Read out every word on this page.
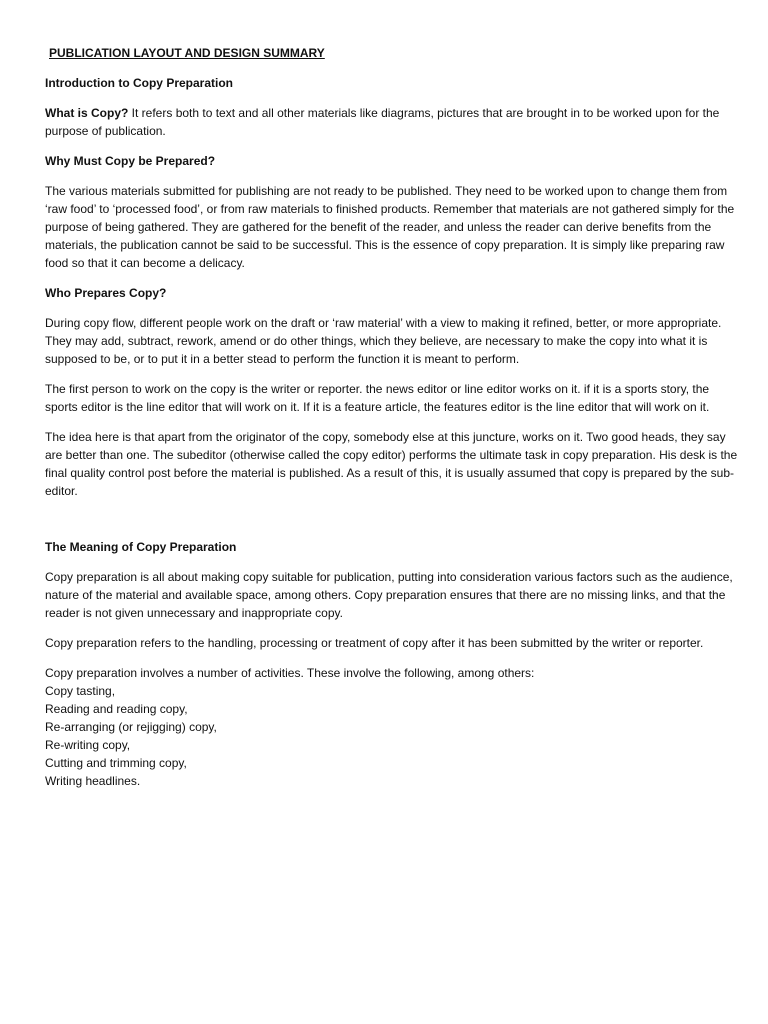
PUBLICATION LAYOUT AND DESIGN SUMMARY

Introduction to Copy Preparation

What is Copy? It refers both to text and all other materials like diagrams, pictures that are brought in to be worked upon for the purpose of publication.

Why Must Copy be Prepared?

The various materials submitted for publishing are not ready to be published. They need to be worked upon to change them from ‘raw food’ to ‘processed food’, or from raw materials to finished products. Remember that materials are not gathered simply for the purpose of being gathered. They are gathered for the benefit of the reader, and unless the reader can derive benefits from the materials, the publication cannot be said to be successful. This is the essence of copy preparation. It is simply like preparing raw food so that it can become a delicacy.

Who Prepares Copy?

During copy flow, different people work on the draft or ‘raw material’ with a view to making it refined, better, or more appropriate. They may add, subtract, rework, amend or do other things, which they believe, are necessary to make the copy into what it is supposed to be, or to put it in a better stead to perform the function it is meant to perform.

The first person to work on the copy is the writer or reporter. the news editor or line editor works on it. if it is a sports story, the sports editor is the line editor that will work on it. If it is a feature article, the features editor is the line editor that will work on it.

The idea here is that apart from the originator of the copy, somebody else at this juncture, works on it. Two good heads, they say are better than one. The subeditor (otherwise called the copy editor) performs the ultimate task in copy preparation. His desk is the final quality control post before the material is published. As a result of this, it is usually assumed that copy is prepared by the sub-editor.

The Meaning of Copy Preparation

Copy preparation is all about making copy suitable for publication, putting into consideration various factors such as the audience, nature of the material and available space, among others. Copy preparation ensures that there are no missing links, and that the reader is not given unnecessary and inappropriate copy.

Copy preparation refers to the handling, processing or treatment of copy after it has been submitted by the writer or reporter.

Copy preparation involves a number of activities. These involve the following, among others:
Copy tasting,
Reading and reading copy,
Re-arranging (or rejigging) copy,
Re-writing copy,
Cutting and trimming copy,
Writing headlines.
